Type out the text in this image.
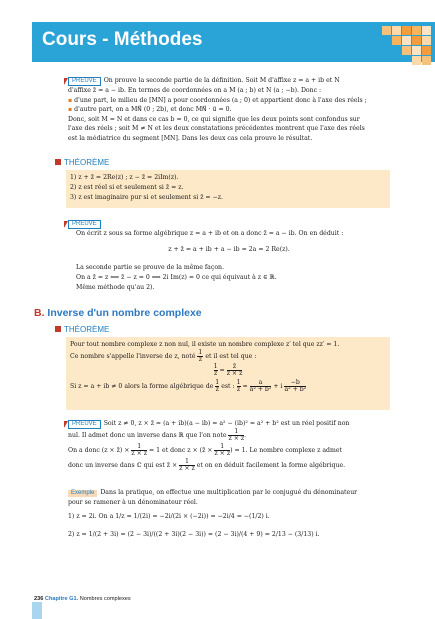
Cours - Méthodes
PREUVE On prouve la seconde partie de la définition. Soit M d'affixe z = a + ib et N
d'affixe z̄ = a − ib. En termes de coordonnées on a M (a ; b) et N (a ; −b). Donc :
▪ d'une part, le milieu de [MN] a pour coordonnées (a ; 0) et appartient donc à l'axe des réels ;
▪ d'autre part, on a MN⃗ (0 ; 2b), et donc MN⃗ · u⃗ = 0.
Donc, soit M = N et dans ce cas b = 0, ce qui signifie que les deux points sont confondus sur
l'axe des réels ; soit M ≠ N et les deux constatations précédentes montrent que l'axe des réels
est la médiatrice du segment [MN]. Dans les deux cas cela prouve le résultat.
THÉORÈME
1) z + z̄ = 2Re(z) ; z − z̄ = 2iIm(z).
2) z est réel si et seulement si z̄ = z.
3) z est imaginaire pur si et seulement si z̄ = −z.
PREUVE
On écrit z sous sa forme algébrique z = a + ib et on a donc z̄ = a − ib. On en déduit :
z + z̄ = a + ib + a − ib = 2a = 2 Re(z).
La seconde partie se prouve de la même façon.
On a z̄ = z ⟺ z̄ − z = 0 ⟺ 2i Im(z) = 0 ce qui équivaut à z ∈ ℝ.
Même méthode qu'au 2).
B. Inverse d'un nombre complexe
THÉORÈME
Pour tout nombre complexe z non nul, il existe un nombre complexe z′ tel que zz′ = 1.
Ce nombre s'appelle l'inverse de z, noté $\frac{1}{z}$ et il est tel que :
$\frac{1}{z} = \frac{z̄}{z \times z̄}$
Si z = a + ib ≠ 0 alors la forme algébrique de $\frac{1}{z}$ est : $\frac{1}{z} = \frac{a}{\text{a² + b²}} + i \frac{-b}{\text{a² + b²}}$
PREUVE Soit z ≠ 0, z × z̄ = (a + ib)(a − ib) = a² − (ib)² = a² + b² est un réel positif non
nul. Il admet donc un inverse dans ℝ que l'on note $\frac{1}{z \times z̄}$ .
On a donc (z × z̄) × $\frac{1}{z \times z̄} = 1$ et donc z × (z̄ × $\frac{1}{z \times z̄}$ ) = 1. Le nombre complexe z admet
donc un inverse dans ℂ qui est z̄ × $\frac{1}{z \times z̄}$ et on en déduit facilement la forme algébrique.
Exemple Dans la pratique, on effectue une multiplication par le conjugué du dénominateur
pour se ramener à un dénominateur réel.
1) z = 2i. On a 1/z = 1/(2i) = −2i/(2i × (−2i)) = −2i/4 = −(1/2) i.
2) z = 1/(2 + 3i) = (2 − 3i)/((2 + 3i)(2 − 3i)) = (2 − 3i)/(4 + 9) = 2/13 − (3/13) i.
236 Chapitre G1. Nombres complexes
